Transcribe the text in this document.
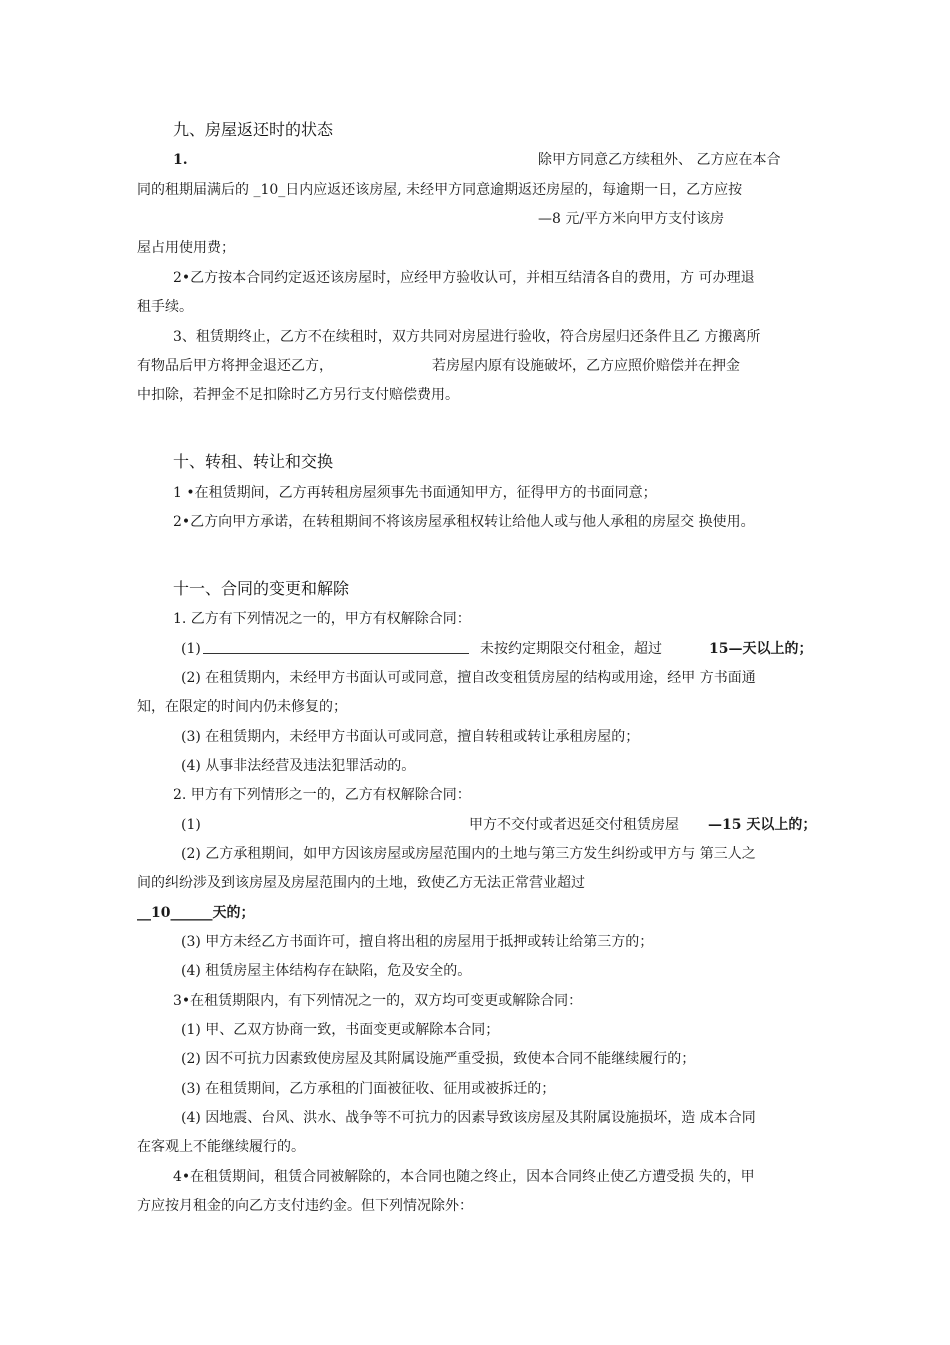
九、房屋返还时的状态
1.	除甲方同意乙方续租外、 乙方应在本合
同的租期届满后的 _10_日内应返还该房屋, 未经甲方同意逾期返还房屋的，每逾期一日，乙方应按
—8 元/平方米向甲方支付该房
屋占用使用费；
2•乙方按本合同约定返还该房屋时，应经甲方验收认可，并相互结清各自的费用，方 可办理退
租手续。
3、租赁期终止，乙方不在续租时，双方共同对房屋进行验收，符合房屋归还条件且乙 方搬离所
有物品后甲方将押金退还乙方，	若房屋内原有设施破坏，乙方应照价赔偿并在押金
中扣除，若押金不足扣除时乙方另行支付赔偿费用。
十、转租、转让和交换
1 •在租赁期间，乙方再转租房屋须事先书面通知甲方，征得甲方的书面同意；
2•乙方向甲方承诺，在转租期间不将该房屋承租权转让给他人或与他人承租的房屋交 换使用。
十一、合同的变更和解除
1. 乙方有下列情况之一的，甲方有权解除合同：
(1)	未按约定期限交付租金，超过	15—天以上的；
(2) 在租赁期内，未经甲方书面认可或同意，擅自改变租赁房屋的结构或用途，经甲 方书面通
知，在限定的时间内仍未修复的；
(3) 在租赁期内，未经甲方书面认可或同意，擅自转租或转让承租房屋的；
(4) 从事非法经营及违法犯罪活动的。
2. 甲方有下列情形之一的，乙方有权解除合同：
(1)	甲方不交付或者迟延交付租赁房屋 —15 天以上的；
(2) 乙方承租期间，如甲方因该房屋或房屋范围内的土地与第三方发生纠纷或甲方与 第三人之
间的纠纷涉及到该房屋及房屋范围内的土地，致使乙方无法正常营业超过
__10______天的；
(3) 甲方未经乙方书面许可，擅自将出租的房屋用于抵押或转让给第三方的；
(4) 租赁房屋主体结构存在缺陷，危及安全的。
3•在租赁期限内，有下列情况之一的，双方均可变更或解除合同：
(1) 甲、乙双方协商一致，书面变更或解除本合同；
(2) 因不可抗力因素致使房屋及其附属设施严重受损，致使本合同不能继续履行的；
(3) 在租赁期间，乙方承租的门面被征收、征用或被拆迁的；
(4) 因地震、台风、洪水、战争等不可抗力的因素导致该房屋及其附属设施损坏，造 成本合同
在客观上不能继续履行的。
4•在租赁期间，租赁合同被解除的，本合同也随之终止，因本合同终止使乙方遭受损 失的，甲
方应按月租金的向乙方支付违约金。但下列情况除外：
